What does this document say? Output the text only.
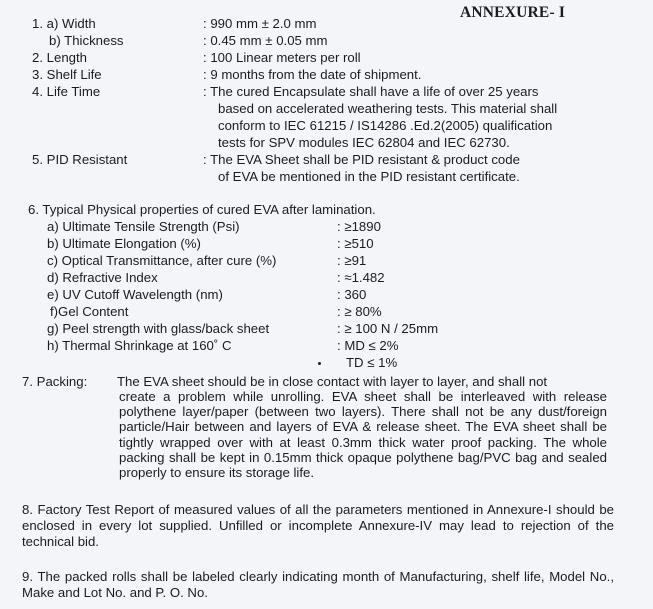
ANNEXURE- I
1. a) Width	: 990 mm ± 2.0 mm
b) Thickness	: 0.45 mm ± 0.05 mm
2. Length	: 100 Linear meters per roll
3. Shelf Life	: 9 months from the date of shipment.
4. Life Time	: The cured Encapsulate shall have a life of over 25 years
based on accelerated weathering tests. This material shall
conform to IEC 61215 / IS14286 .Ed.2(2005) qualification
tests for SPV modules IEC 62804 and IEC 62730.
5. PID Resistant	: The EVA Sheet shall be PID resistant & product code
of EVA be mentioned in the PID resistant certificate.
6. Typical Physical properties of cured EVA after lamination.
a) Ultimate Tensile Strength (Psi)	: ≥1890
b) Ultimate Elongation (%)	: ≥510
c) Optical Transmittance, after cure (%)	: ≥91
d) Refractive Index	: ≈1.482
e) UV Cutoff Wavelength (nm)	: 360
f)Gel Content	: ≥ 80%
g) Peel strength with glass/back sheet	: ≥ 100 N / 25mm
h) Thermal Shrinkage at 160˚ C	: MD ≤ 2%
TD ≤ 1%
7. Packing: The EVA sheet should be in close contact with layer to layer, and shall not
create a problem while unrolling. EVA sheet shall be interleaved with release polythene layer/paper (between two layers). There shall not be any dust/foreign particle/Hair between and layers of EVA & release sheet. The EVA sheet shall be tightly wrapped over with at least 0.3mm thick water proof packing. The whole packing shall be kept in 0.15mm thick opaque polythene bag/PVC bag and sealed properly to ensure its storage life.
8. Factory Test Report of measured values of all the parameters mentioned in Annexure-I should be enclosed in every lot supplied. Unfilled or incomplete Annexure-IV may lead to rejection of the technical bid.
9. The packed rolls shall be labeled clearly indicating month of Manufacturing, shelf life, Model No., Make and Lot No. and P. O. No.
